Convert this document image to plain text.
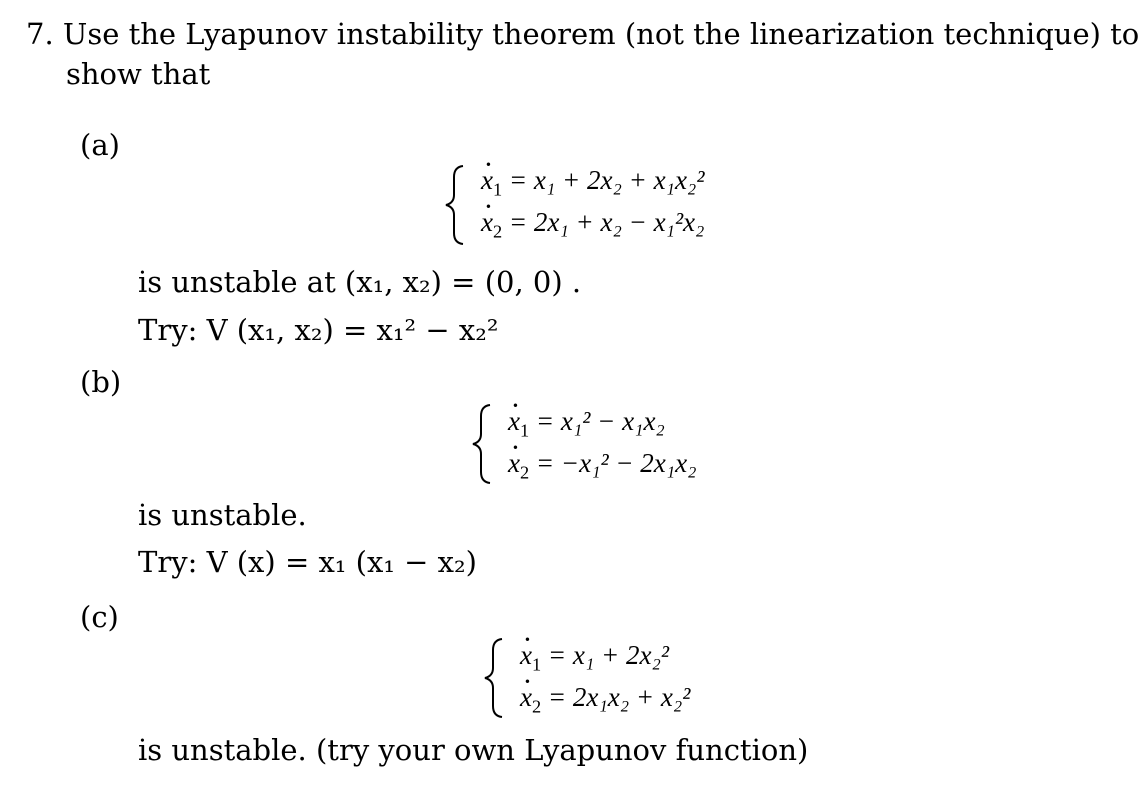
7. Use the Lyapunov instability theorem (not the linearization technique) to
show that
(a)
· $x_1 = x_1 + 2x_2 + x_1x_2^2$
· $x_2 = 2x_1 + x_2 - x_1^2x_2$
is unstable at (x₁, x₂) = (0, 0) .
Try: V (x₁, x₂) = x₁² − x₂²
(b)
· $x_1 = x_1^2 - x_1x_2$
· $x_2 = -x_1^2 - 2x_1x_2$
is unstable.
Try: V (x) = x₁ (x₁ − x₂)
(c)
· $x_1 = x_1 + 2x_2^2$
· $x_2 = 2x_1x_2 + x_2^2$
is unstable. (try your own Lyapunov function)
